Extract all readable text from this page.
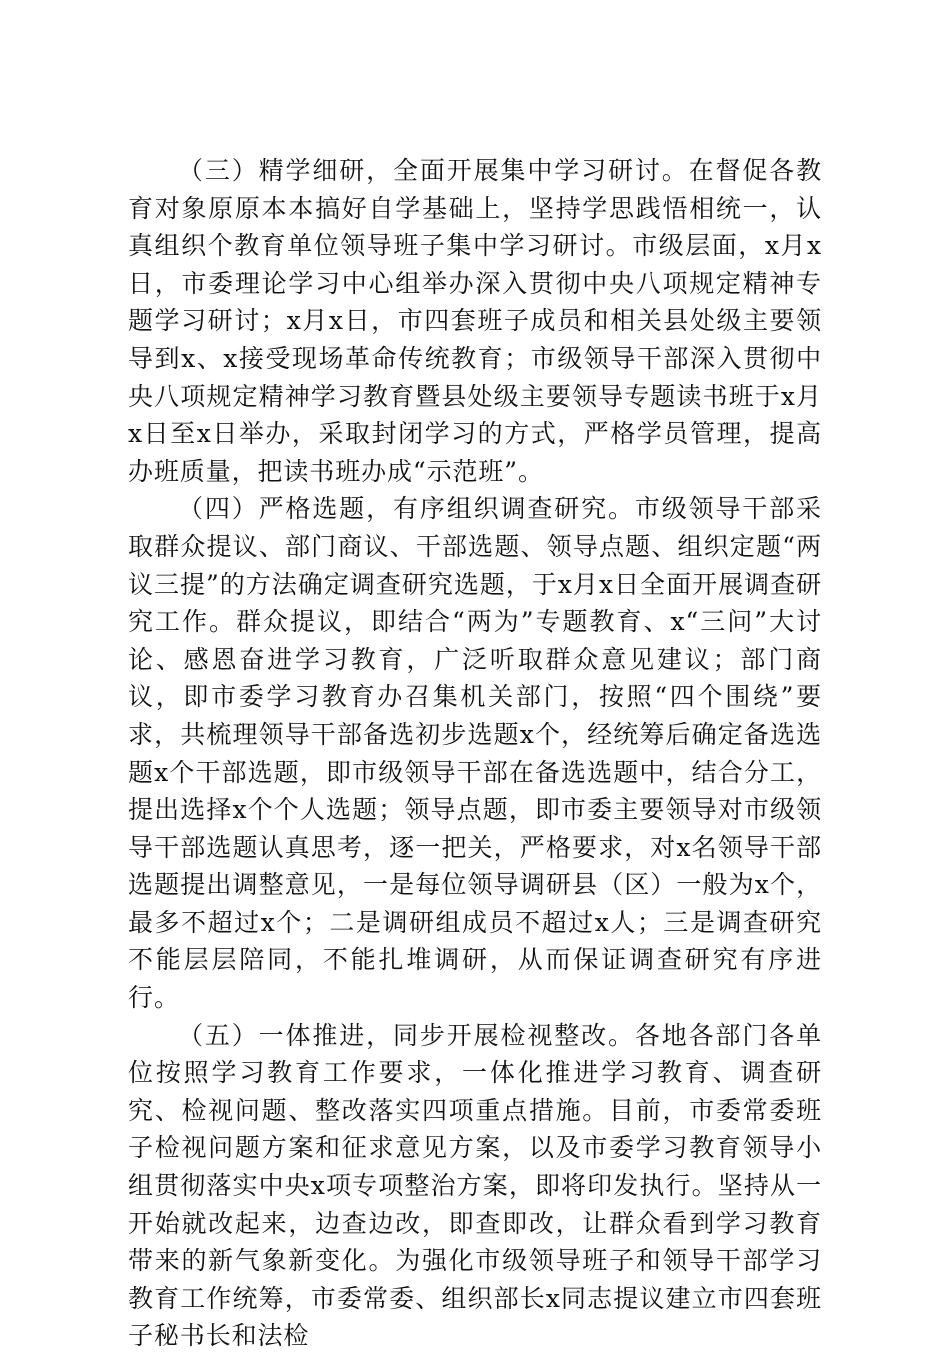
（三）精学细研，全面开展集中学习研讨。在督促各教育对象原原本本搞好自学基础上，坚持学思践悟相统一，认真组织个教育单位领导班子集中学习研讨。市级层面，x月x日，市委理论学习中心组举办深入贯彻中央八项规定精神专题学习研讨；x月x日，市四套班子成员和相关县处级主要领导到x、x接受现场革命传统教育；市级领导干部深入贯彻中央八项规定精神学习教育暨县处级主要领导专题读书班于x月x日至x日举办，采取封闭学习的方式，严格学员管理，提高办班质量，把读书班办成“示范班”。

（四）严格选题，有序组织调查研究。市级领导干部采取群众提议、部门商议、干部选题、领导点题、组织定题“两议三提”的方法确定调查研究选题，于x月x日全面开展调查研究工作。群众提议，即结合“两为”专题教育、x“三问”大讨论、感恩奋进学习教育，广泛听取群众意见建议；部门商议，即市委学习教育办召集机关部门，按照“四个围绕”要求，共梳理领导干部备选初步选题x个，经统筹后确定备选选题x个干部选题，即市级领导干部在备选选题中，结合分工，提出选择x个个人选题；领导点题，即市委主要领导对市级领导干部选题认真思考，逐一把关，严格要求，对x名领导干部选题提出调整意见，一是每位领导调研县（区）一般为x个，最多不超过x个；二是调研组成员不超过x人；三是调查研究不能层层陪同，不能扎堆调研，从而保证调查研究有序进行。

（五）一体推进，同步开展检视整改。各地各部门各单位按照学习教育工作要求，一体化推进学习教育、调查研究、检视问题、整改落实四项重点措施。目前，市委常委班子检视问题方案和征求意见方案，以及市委学习教育领导小组贯彻落实中央x项专项整治方案，即将印发执行。坚持从一开始就改起来，边查边改，即查即改，让群众看到学习教育带来的新气象新变化。为强化市级领导班子和领导干部学习教育工作统筹，市委常委、组织部长x同志提议建立市四套班子秘书长和法检
